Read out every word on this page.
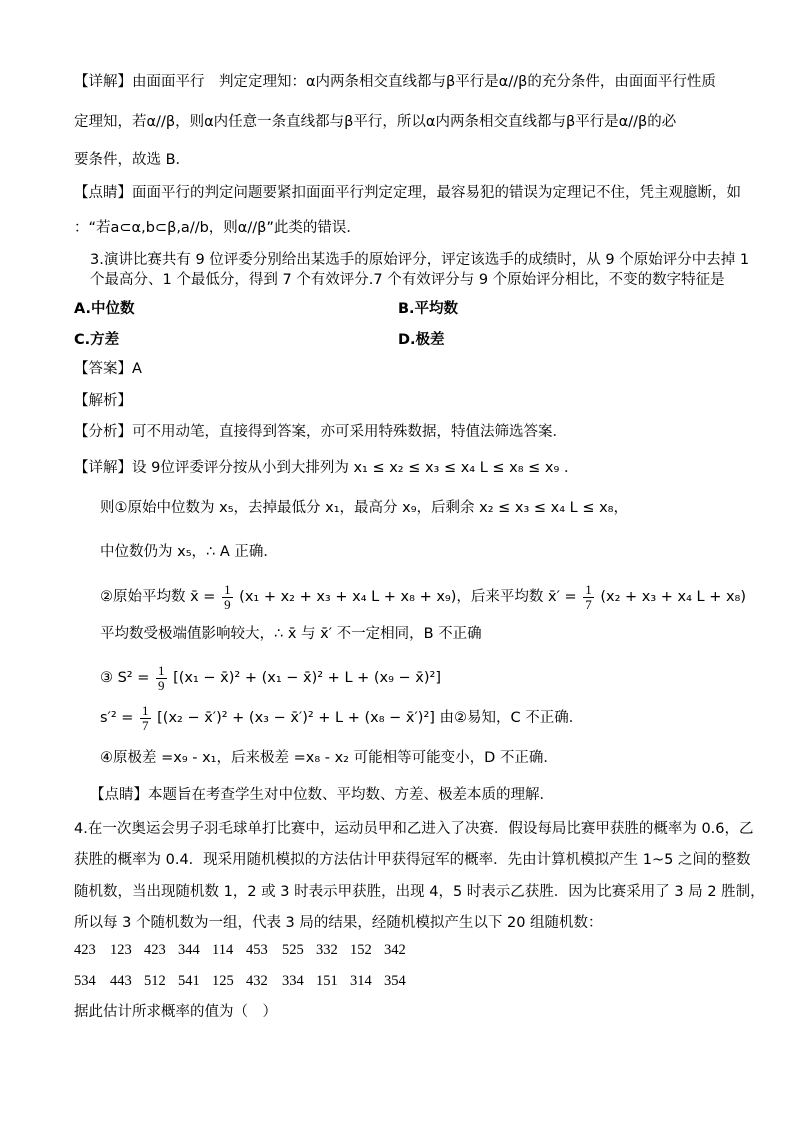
【详解】由面面平行　判定定理知：α内两条相交直线都与β平行是α//β的充分条件，由面面平行性质
定理知，若α//β，则α内任意一条直线都与β平行，所以α内两条相交直线都与β平行是α//β的必
要条件，故选 B．
【点睛】面面平行的判定问题要紧扣面面平行判定定理，最容易犯的错误为定理记不住，凭主观臆断，如
：“若a⊂α,b⊂β,a//b，则α//β”此类的错误．
3.演讲比赛共有 9 位评委分别给出某选手的原始评分，评定该选手的成绩时，从 9 个原始评分中去掉 1
个最高分、1 个最低分，得到 7 个有效评分.7 个有效评分与 9 个原始评分相比，不变的数字特征是
A.中位数	B.平均数
C.方差	D.极差
【答案】A
【解析】
【分析】可不用动笔，直接得到答案，亦可采用特殊数据，特值法筛选答案．
【详解】设 9位评委评分按从小到大排列为 x₁ ≤ x₂ ≤ x₃ ≤ x₄ L ≤ x₈ ≤ x₉ ．
则①原始中位数为 x₅，去掉最低分 x₁，最高分 x₉，后剩余 x₂ ≤ x₃ ≤ x₄ L ≤ x₈，
中位数仍为 x₅，∴ A 正确．
②原始平均数 x̄ = $\frac{1}{9} (x_1 + x_2 + x_3 + x_4$ L + x₈ + x₉)，后来平均数 x̄′ = $\frac{1}{7} (x_2 + x_3 + x_4$ L + x₈)
平均数受极端值影响较大，∴ x̄ 与 x̄′ 不一定相同，B 不正确
③ $S^2 = \frac{1}{9} [(x_1$ − x̄)² + (x₁ − x̄)² + L + (x₉ − x̄)²]
$s'^2 = \frac{1}{7} [(x_2$ − x̄′)² + (x₃ − x̄′)² + L + (x₈ − x̄′)²] 由②易知，C 不正确．
④原极差 =x₉ - x₁，后来极差 =x₈ - x₂ 可能相等可能变小，D 不正确．
【点睛】本题旨在考查学生对中位数、平均数、方差、极差本质的理解．
4.在一次奥运会男子羽毛球单打比赛中，运动员甲和乙进入了决赛．假设每局比赛甲获胜的概率为 0.6，乙
获胜的概率为 0.4．现采用随机模拟的方法估计甲获得冠军的概率．先由计算机模拟产生 1~5 之间的整数
随机数，当出现随机数 1，2 或 3 时表示甲获胜，出现 4，5 时表示乙获胜．因为比赛采用了 3 局 2 胜制，
所以每 3 个随机数为一组，代表 3 局的结果，经随机模拟产生以下 20 组随机数：
423 123 423 344 114 453 525 332 152 342
534 443 512 541 125 432 334 151 314 354
据此估计所求概率的值为（　）
